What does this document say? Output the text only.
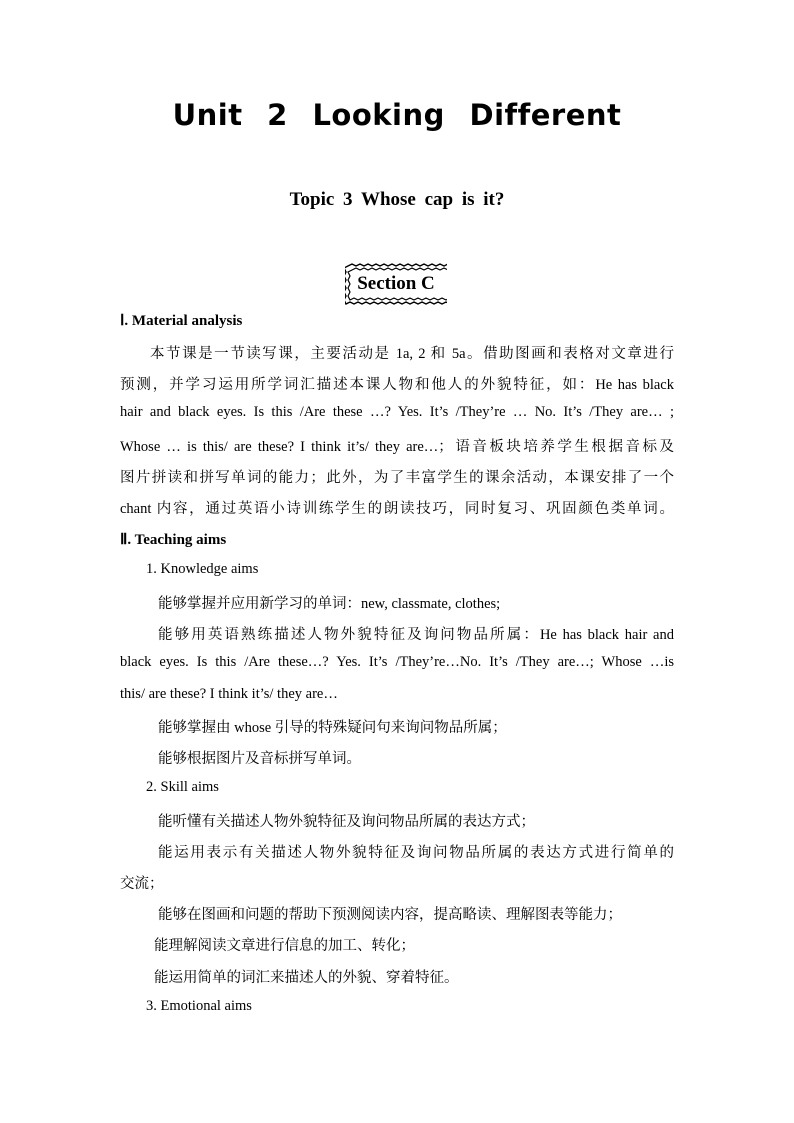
Unit 2 Looking Different
Topic 3 Whose cap is it?
Section C
Ⅰ. Material analysis
本节课是一节读写课，主要活动是 1a, 2 和 5a。借助图画和表格对文章进行
预测，并学习运用所学词汇描述本课人物和他人的外貌特征，如：He has black
hair and black eyes. Is this /Are these …? Yes. It’s /They’re … No. It’s /They are… ;
Whose … is this/ are these? I think it’s/ they are…；语音板块培养学生根据音标及
图片拼读和拼写单词的能力；此外，为了丰富学生的课余活动，本课安排了一个
chant 内容，通过英语小诗训练学生的朗读技巧，同时复习、巩固颜色类单词。
Ⅱ. Teaching aims
1. Knowledge aims
能够掌握并应用新学习的单词：new, classmate, clothes;
能够用英语熟练描述人物外貌特征及询问物品所属：He has black hair and
black eyes. Is this /Are these…? Yes. It’s /They’re…No. It’s /They are…; Whose …is
this/ are these? I think it’s/ they are…
能够掌握由 whose 引导的特殊疑问句来询问物品所属；
能够根据图片及音标拼写单词。
2. Skill aims
能听懂有关描述人物外貌特征及询问物品所属的表达方式；
能运用表示有关描述人物外貌特征及询问物品所属的表达方式进行简单的
交流；
能够在图画和问题的帮助下预测阅读内容，提高略读、理解图表等能力；
能理解阅读文章进行信息的加工、转化；
能运用简单的词汇来描述人的外貌、穿着特征。
3. Emotional aims
